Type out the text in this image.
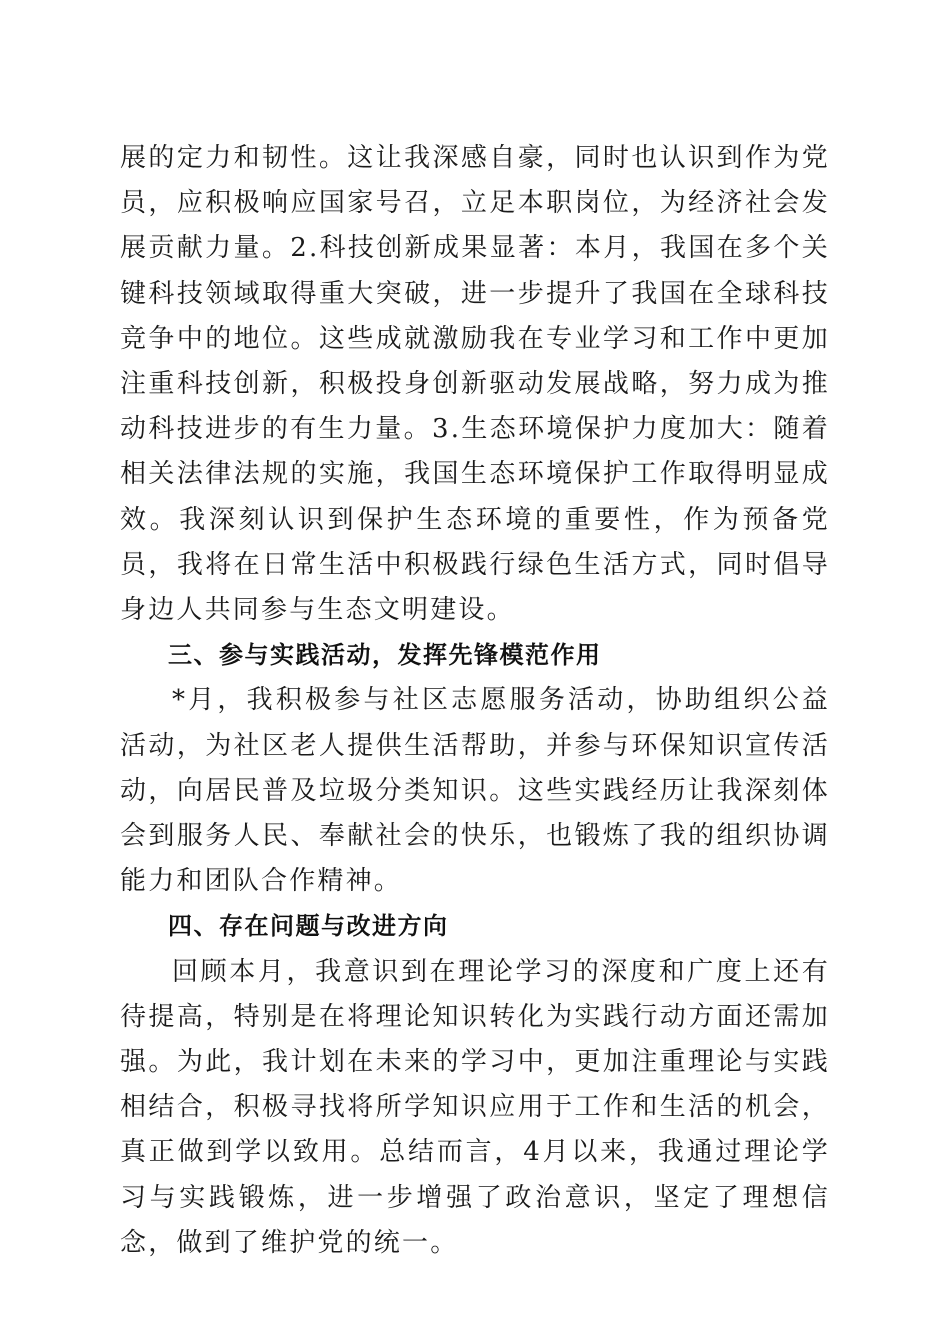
展的定力和韧性。这让我深感自豪，同时也认识到作为党员，应积极响应国家号召，立足本职岗位，为经济社会发展贡献力量。2.科技创新成果显著：本月，我国在多个关键科技领域取得重大突破，进一步提升了我国在全球科技竞争中的地位。这些成就激励我在专业学习和工作中更加注重科技创新，积极投身创新驱动发展战略，努力成为推动科技进步的有生力量。3.生态环境保护力度加大：随着相关法律法规的实施，我国生态环境保护工作取得明显成效。我深刻认识到保护生态环境的重要性，作为预备党员，我将在日常生活中积极践行绿色生活方式，同时倡导身边人共同参与生态文明建设。

三、参与实践活动，发挥先锋模范作用

*月，我积极参与社区志愿服务活动，协助组织公益活动，为社区老人提供生活帮助，并参与环保知识宣传活动，向居民普及垃圾分类知识。这些实践经历让我深刻体会到服务人民、奉献社会的快乐，也锻炼了我的组织协调能力和团队合作精神。

四、存在问题与改进方向

回顾本月，我意识到在理论学习的深度和广度上还有待提高，特别是在将理论知识转化为实践行动方面还需加强。为此，我计划在未来的学习中，更加注重理论与实践相结合，积极寻找将所学知识应用于工作和生活的机会，真正做到学以致用。总结而言，4月以来，我通过理论学习与实践锻炼，进一步增强了政治意识，坚定了理想信念，做到了维护党的统一。
